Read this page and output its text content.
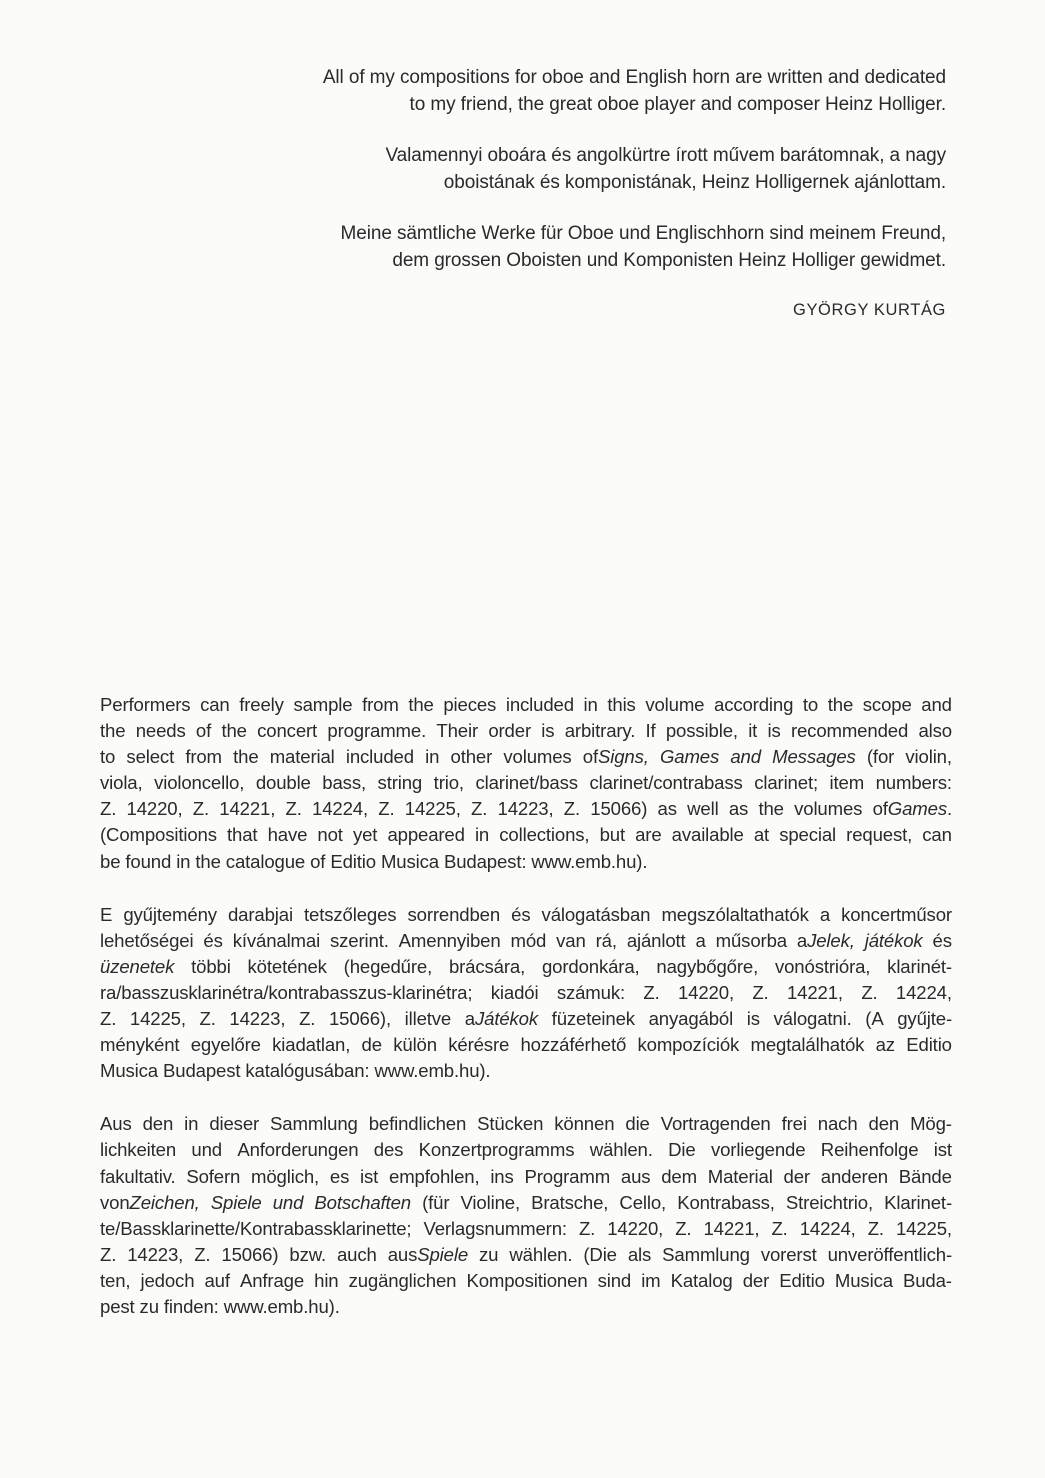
All of my compositions for oboe and English horn are written and dedicated
to my friend, the great oboe player and composer Heinz Holliger.
Valamennyi oboára és angolkürtre írott művem barátomnak, a nagy
oboistának és komponistának, Heinz Holligernek ajánlottam.
Meine sämtliche Werke für Oboe und Englischhorn sind meinem Freund,
dem grossen Oboisten und Komponisten Heinz Holliger gewidmet.
GYÖRGY KURTÁG
Performers can freely sample from the pieces included in this volume according to the scope and
the needs of the concert programme. Their order is arbitrary. If possible, it is recommended also
to select from the material included in other volumes ofSigns, Games and Messages (for violin,
viola, violoncello, double bass, string trio, clarinet/bass clarinet/contrabass clarinet; item numbers:
Z. 14220, Z. 14221, Z. 14224, Z. 14225, Z. 14223, Z. 15066) as well as the volumes ofGames.
(Compositions that have not yet appeared in collections, but are available at special request, can
be found in the catalogue of Editio Musica Budapest: www.emb.hu).
E gyűjtemény darabjai tetszőleges sorrendben és válogatásban megszólaltathatók a koncertműsor
lehetőségei és kívánalmai szerint. Amennyiben mód van rá, ajánlott a műsorba aJelek, játékok és
üzenetek többi kötetének (hegedűre, brácsára, gordonkára, nagybőgőre, vonóstrióra, klarinét-
ra/basszusklarinétra/kontrabasszus-klarinétra; kiadói számuk: Z. 14220, Z. 14221, Z. 14224,
Z. 14225, Z. 14223, Z. 15066), illetve aJátékok füzeteinek anyagából is válogatni. (A gyűjte-
ményként egyelőre kiadatlan, de külön kérésre hozzáférhető kompozíciók megtalálhatók az Editio
Musica Budapest katalógusában: www.emb.hu).
Aus den in dieser Sammlung befindlichen Stücken können die Vortragenden frei nach den Mög-
lichkeiten und Anforderungen des Konzertprogramms wählen. Die vorliegende Reihenfolge ist
fakultativ. Sofern möglich, es ist empfohlen, ins Programm aus dem Material der anderen Bände
vonZeichen, Spiele und Botschaften (für Violine, Bratsche, Cello, Kontrabass, Streichtrio, Klarinet-
te/Bassklarinette/Kontrabassklarinette; Verlagsnummern: Z. 14220, Z. 14221, Z. 14224, Z. 14225,
Z. 14223, Z. 15066) bzw. auch ausSpiele zu wählen. (Die als Sammlung vorerst unveröffentlich-
ten, jedoch auf Anfrage hin zugänglichen Kompositionen sind im Katalog der Editio Musica Buda-
pest zu finden: www.emb.hu).
